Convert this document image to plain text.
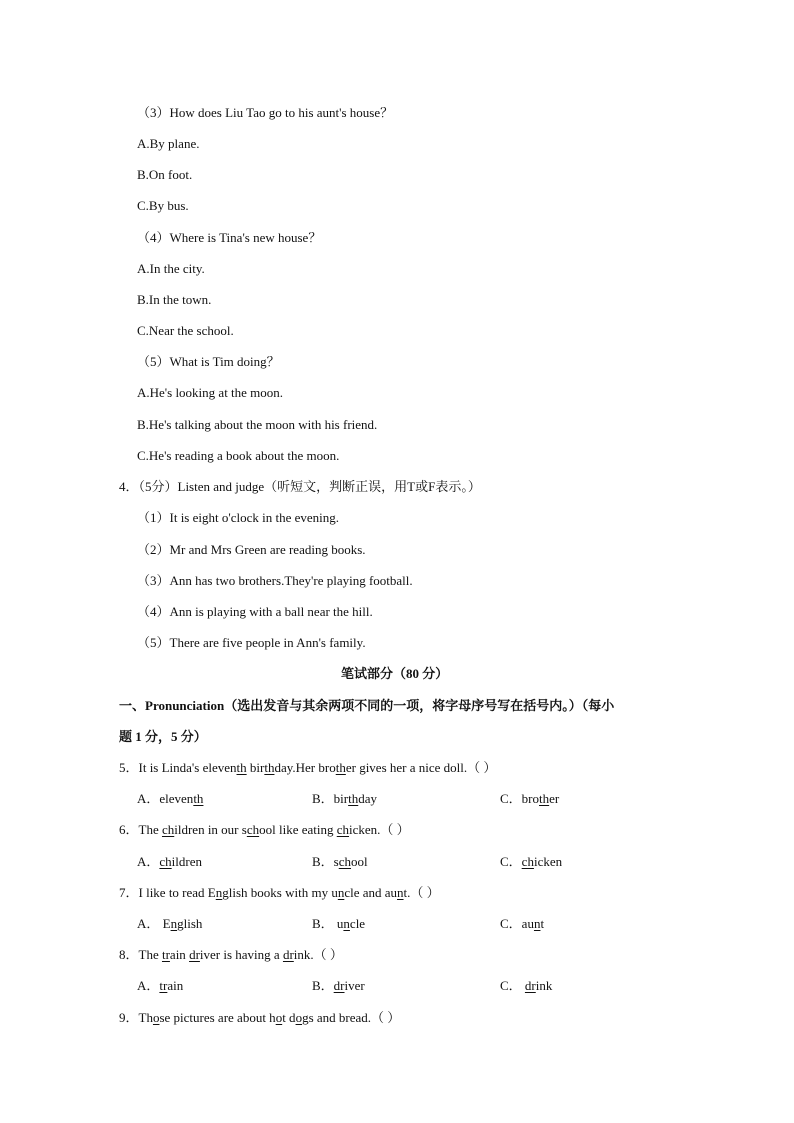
（3）How does Liu Tao go to his aunt's house？
A.By plane.
B.On foot.
C.By bus.
（4）Where is Tina's new house？
A.In the city.
B.In the town.
C.Near the school.
（5）What is Tim doing？
A.He's looking at the moon.
B.He's talking about the moon with his friend.
C.He's reading a book about the moon.
4．（5分）Listen and judge（听短文，判断正误，用T或F表示。）
（1）It is eight o'clock in the evening.
（2）Mr and Mrs Green are reading books.
（3）Ann has two brothers.They're playing football.
（4）Ann is playing with a ball near the hill.
（5）There are five people in Ann's family.
笔试部分（80 分）
一、Pronunciation（选出发音与其余两项不同的一项，将字母序号写在括号内。）（每小
题 1 分，5 分）
5．It is Linda's eleventh birthday.Her brother gives her a nice doll.（ ）
A．eleventh	B．birthday	C．brother
6．The children in our school like eating chicken.（ ）
A．children	B．school	C．chicken
7．I like to read English books with my uncle and aunt.（ ）
A． English	B． uncle	C．aunt
8．The train driver is having a drink.（ ）
A．train	B．driver	C． drink
9．Those pictures are about hot dogs and bread.（ ）
